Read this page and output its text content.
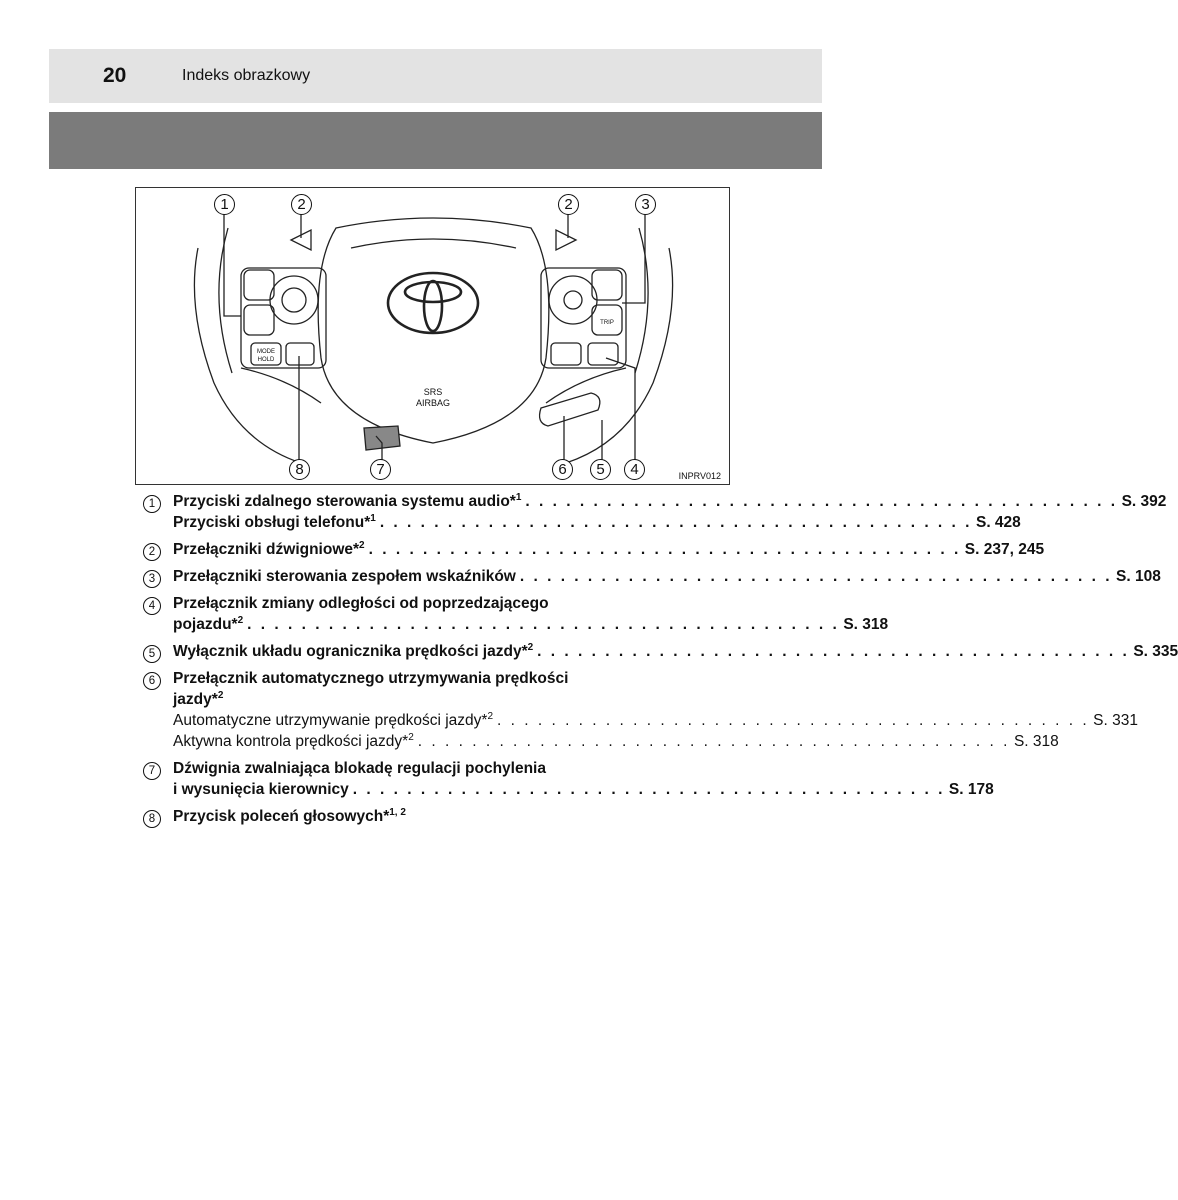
20	Indeks obrazkowy
SRS
AIRBAG
MODE
HOLD
TRIP
1	2	2	3
8	7	6	5	4	INPRV012
1	Przyciski zdalnego sterowania systemu audio*$^1$ . . . . . . . . . . . . . . . . . . . . . . . . . . . . . . . . . . . . . . . . . . . . S. 392
Przyciski obsługi telefonu*$^1$ . . . . . . . . . . . . . . . . . . . . . . . . . . . . . . . . . . . . . . . . . . . . S. 428
2	Przełączniki dźwigniowe*$^2$ . . . . . . . . . . . . . . . . . . . . . . . . . . . . . . . . . . . . . . . . . . . . S. 237, 245
3	Przełączniki sterowania zespołem wskaźników . . . . . . . . . . . . . . . . . . . . . . . . . . . . . . . . . . . . . . . . . . . . S. 108
4	Przełącznik zmiany odległości od poprzedzającego
pojazdu*$^2$ . . . . . . . . . . . . . . . . . . . . . . . . . . . . . . . . . . . . . . . . . . . . S. 318
5	Wyłącznik układu ogranicznika prędkości jazdy*$^2$ . . . . . . . . . . . . . . . . . . . . . . . . . . . . . . . . . . . . . . . . . . . . S. 335
6	Przełącznik automatycznego utrzymywania prędkości
jazdy*$^2$
Automatyczne utrzymywanie prędkości jazdy*$^2$ . . . . . . . . . . . . . . . . . . . . . . . . . . . . . . . . . . . . . . . . . . . . S. 331
Aktywna kontrola prędkości jazdy*$^2$ . . . . . . . . . . . . . . . . . . . . . . . . . . . . . . . . . . . . . . . . . . . . S. 318
7	Dźwignia zwalniająca blokadę regulacji pochylenia
i wysunięcia kierownicy . . . . . . . . . . . . . . . . . . . . . . . . . . . . . . . . . . . . . . . . . . . . S. 178
8	Przycisk poleceń głosowych*$^{1, 2}$
